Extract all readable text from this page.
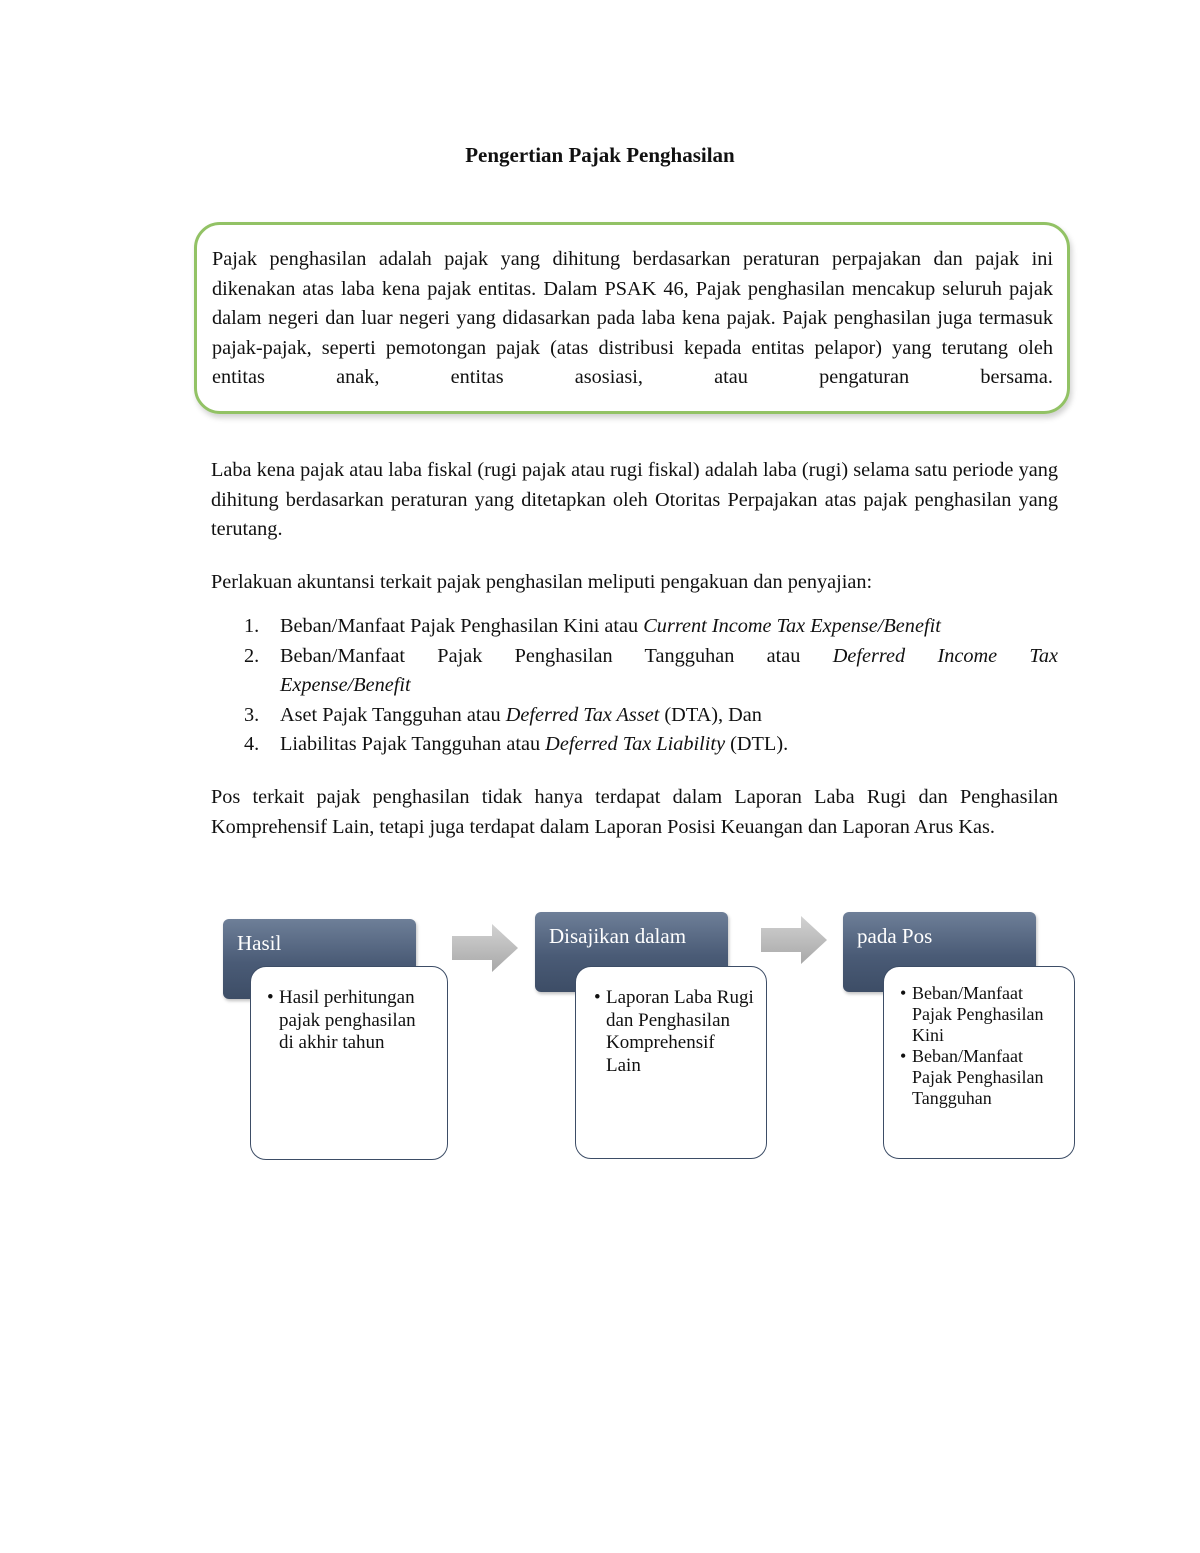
Pengertian Pajak Penghasilan

Pajak penghasilan adalah pajak yang dihitung berdasarkan peraturan perpajakan dan pajak ini dikenakan atas laba kena pajak entitas. Dalam PSAK 46, Pajak penghasilan mencakup seluruh pajak dalam negeri dan luar negeri yang didasarkan pada laba kena pajak. Pajak penghasilan juga termasuk pajak-pajak, seperti pemotongan pajak (atas distribusi kepada entitas pelapor) yang terutang oleh entitas anak, entitas asosiasi, atau pengaturan bersama.

Laba kena pajak atau laba fiskal (rugi pajak atau rugi fiskal) adalah laba (rugi) selama satu periode yang dihitung berdasarkan peraturan yang ditetapkan oleh Otoritas Perpajakan atas pajak penghasilan yang terutang.

Perlakuan akuntansi terkait pajak penghasilan meliputi pengakuan dan penyajian:

1. Beban/Manfaat Pajak Penghasilan Kini atau Current Income Tax Expense/Benefit
2. Beban/Manfaat Pajak Penghasilan Tangguhan atau Deferred Income Tax
Expense/Benefit
3. Aset Pajak Tangguhan atau Deferred Tax Asset (DTA), Dan
4. Liabilitas Pajak Tangguhan atau Deferred Tax Liability (DTL).

Pos terkait pajak penghasilan tidak hanya terdapat dalam Laporan Laba Rugi dan Penghasilan Komprehensif Lain, tetapi juga terdapat dalam Laporan Posisi Keuangan dan Laporan Arus Kas.

Hasil
• Hasil perhitungan pajak penghasilan di akhir tahun
Disajikan dalam
• Laporan Laba Rugi dan Penghasilan Komprehensif Lain
pada Pos
• Beban/Manfaat Pajak Penghasilan Kini
• Beban/Manfaat Pajak Penghasilan Tangguhan
